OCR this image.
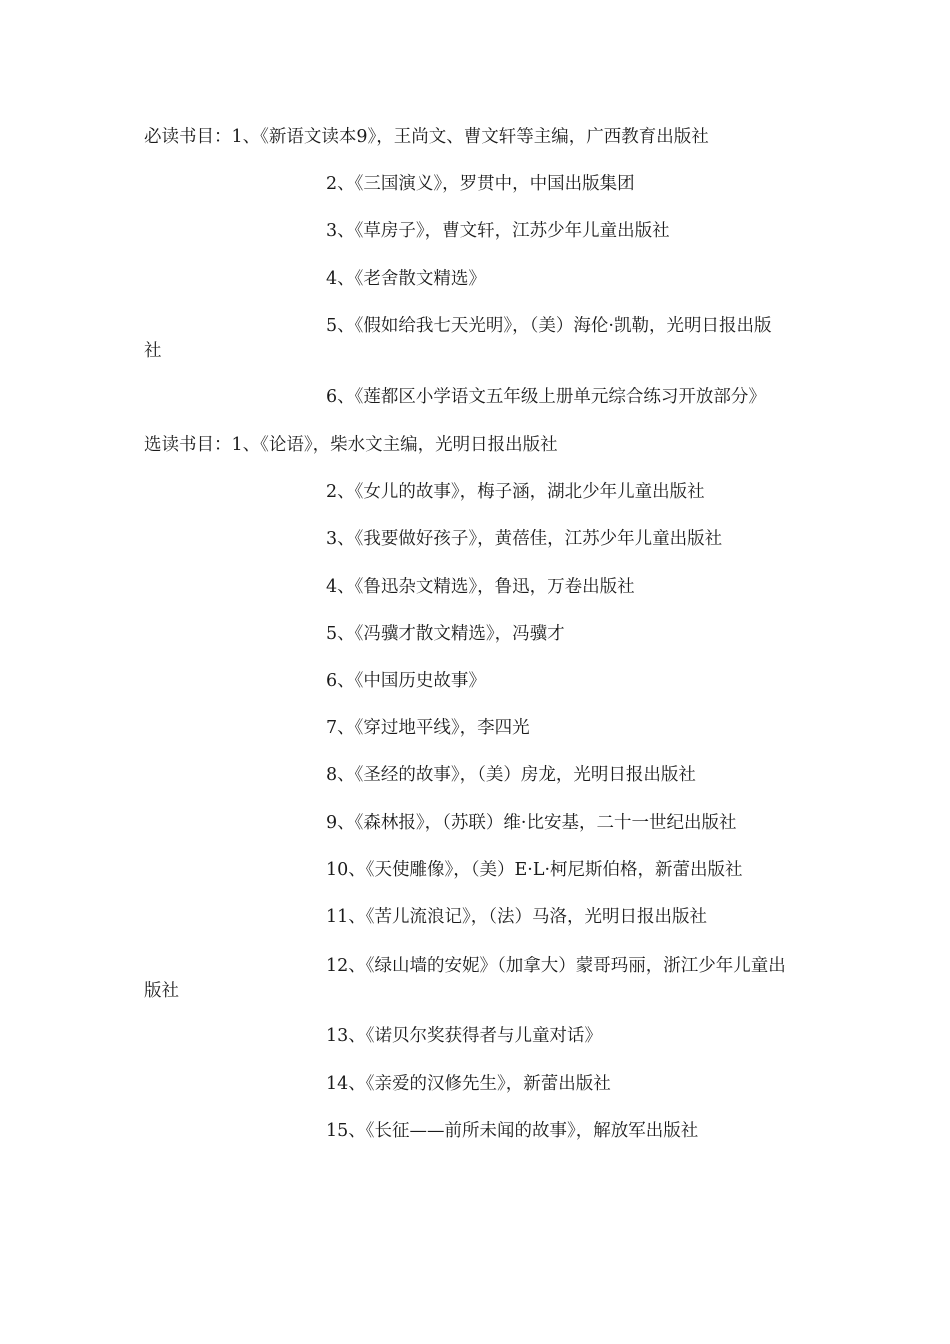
必读书目：1、《新语文读本9》，王尚文、曹文轩等主编，广西教育出版社
2、《三国演义》，罗贯中，中国出版集团
3、《草房子》，曹文轩，江苏少年儿童出版社
4、《老舍散文精选》
5、《假如给我七天光明》，（美）海伦·凯勒，光明日报出版
社
6、《莲都区小学语文五年级上册单元综合练习开放部分》
选读书目：1、《论语》，柴水文主编，光明日报出版社
2、《女儿的故事》，梅子涵，湖北少年儿童出版社
3、《我要做好孩子》，黄蓓佳，江苏少年儿童出版社
4、《鲁迅杂文精选》，鲁迅，万卷出版社
5、《冯骥才散文精选》，冯骥才
6、《中国历史故事》
7、《穿过地平线》，李四光
8、《圣经的故事》，（美）房龙，光明日报出版社
9、《森林报》，（苏联）维·比安基，二十一世纪出版社
10、《天使雕像》，（美）E·L·柯尼斯伯格，新蕾出版社
11、《苦儿流浪记》，（法）马洛，光明日报出版社
12、《绿山墙的安妮》（加拿大）蒙哥玛丽，浙江少年儿童出
版社
13、《诺贝尔奖获得者与儿童对话》
14、《亲爱的汉修先生》，新蕾出版社
15、《长征——前所未闻的故事》，解放军出版社
